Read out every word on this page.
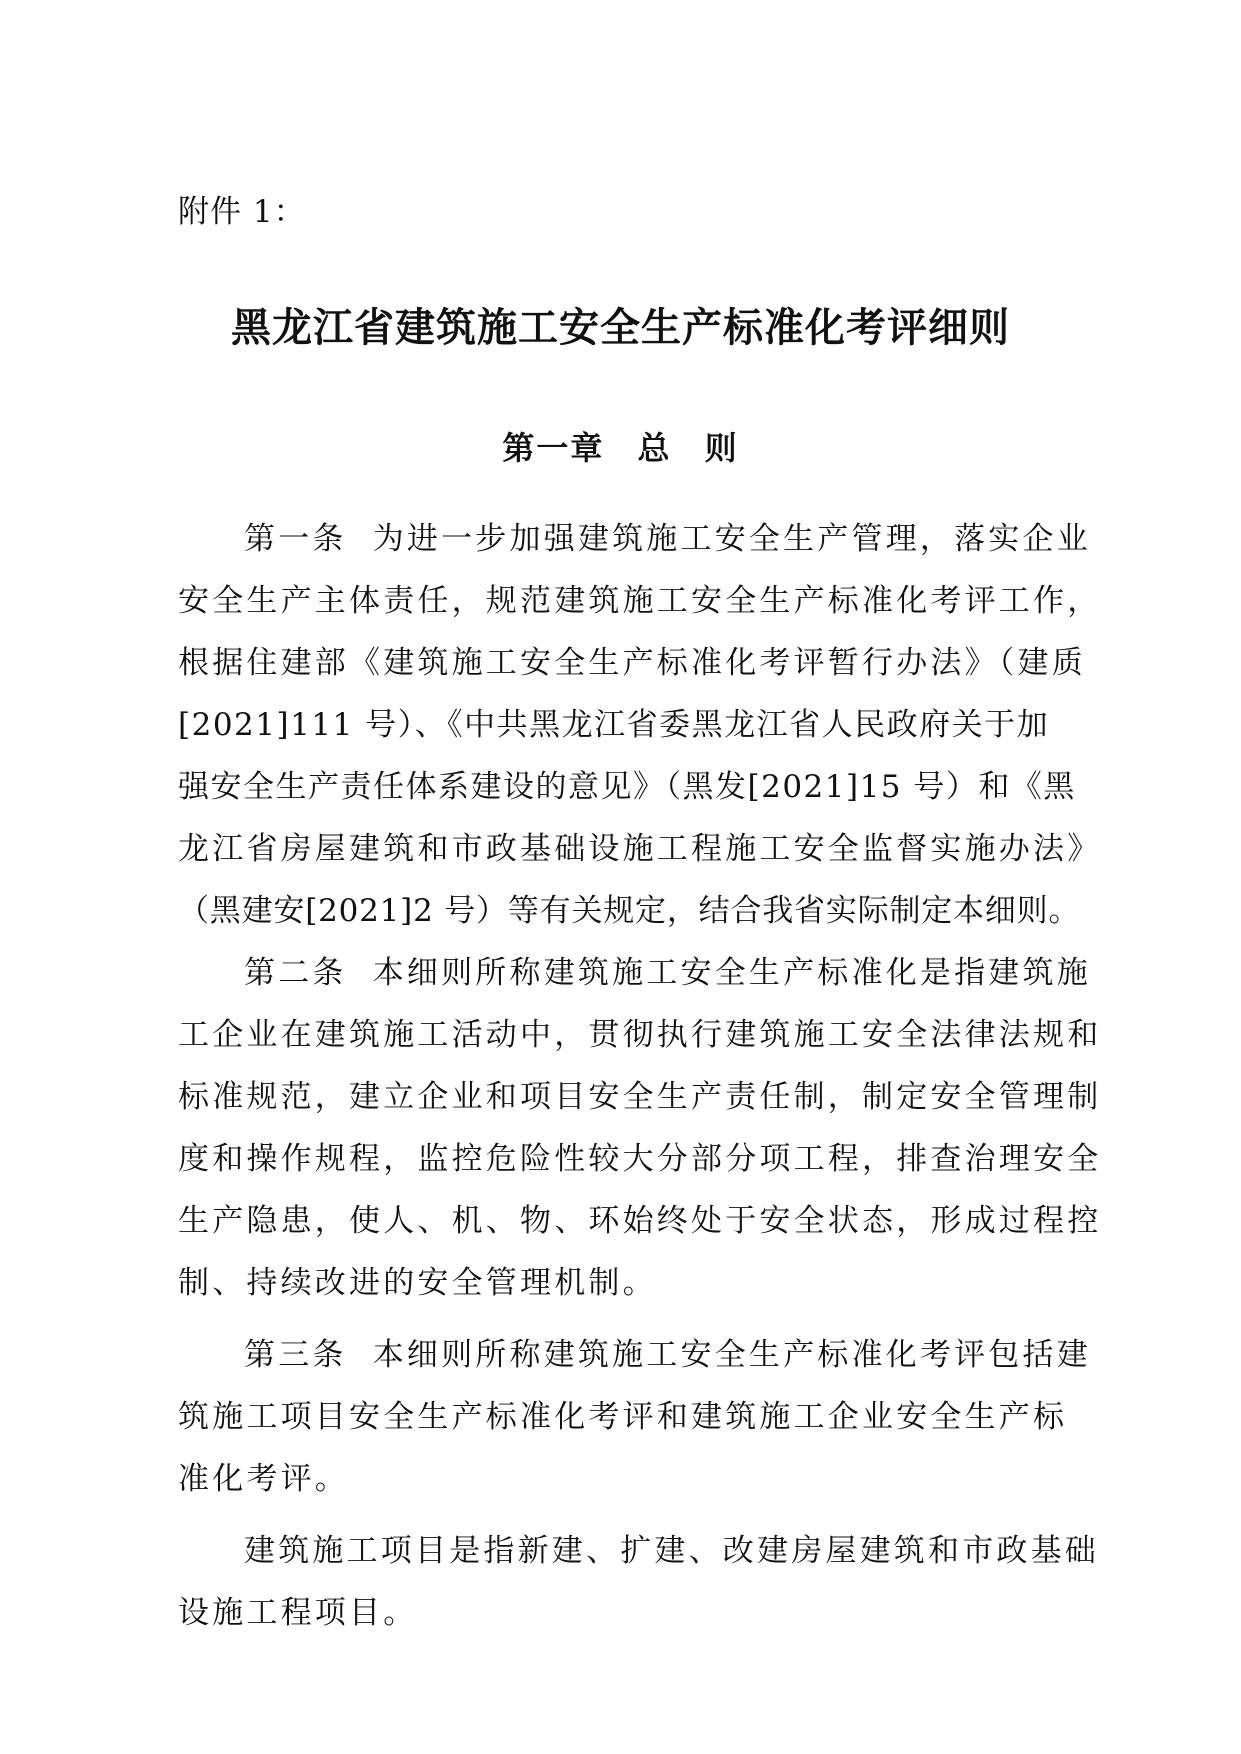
附件 1：
黑龙江省建筑施工安全生产标准化考评细则
第一章 总 则

第一条  为进一步加强建筑施工安全生产管理，落实企业

安全生产主体责任，规范建筑施工安全生产标准化考评工作，

根据住建部《建筑施工安全生产标准化考评暂行办法》（建质

[2021]111 号）、《中共黑龙江省委黑龙江省人民政府关于加

强安全生产责任体系建设的意见》（黑发[2021]15 号）和《黑

龙江省房屋建筑和市政基础设施工程施工安全监督实施办法》

（黑建安[2021]2 号）等有关规定，结合我省实际制定本细则。

第二条  本细则所称建筑施工安全生产标准化是指建筑施

工企业在建筑施工活动中，贯彻执行建筑施工安全法律法规和

标准规范，建立企业和项目安全生产责任制，制定安全管理制

度和操作规程，监控危险性较大分部分项工程，排查治理安全

生产隐患，使人、机、物、环始终处于安全状态，形成过程控

制、持续改进的安全管理机制。

第三条  本细则所称建筑施工安全生产标准化考评包括建

筑施工项目安全生产标准化考评和建筑施工企业安全生产标

准化考评。

建筑施工项目是指新建、扩建、改建房屋建筑和市政基础

设施工程项目。
